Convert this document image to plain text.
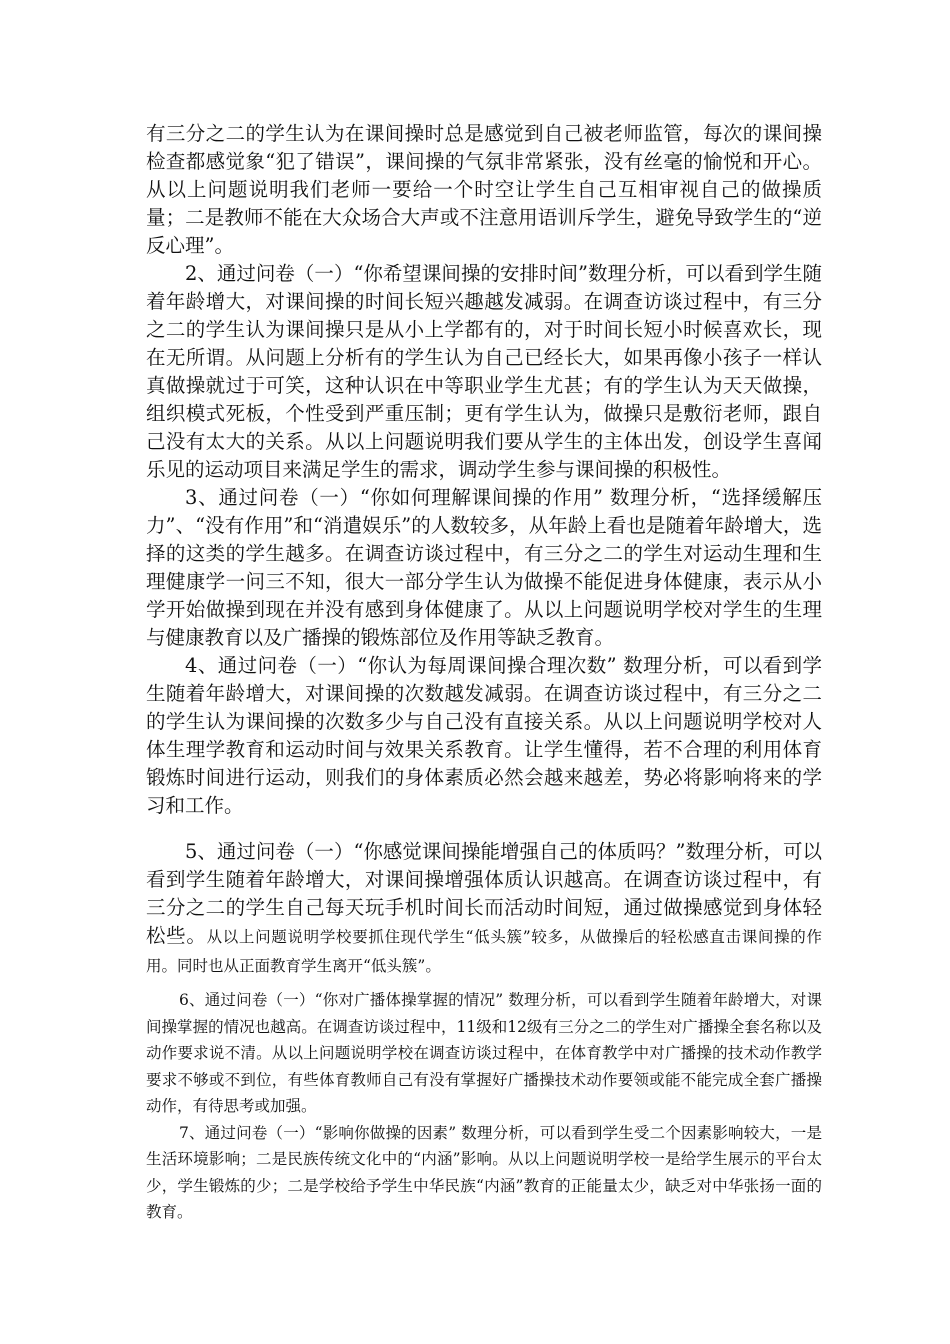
有三分之二的学生认为在课间操时总是感觉到自己被老师监管，每次的课间操检查都感觉象“犯了错误”，课间操的气氛非常紧张，没有丝毫的愉悦和开心。从以上问题说明我们老师一要给一个时空让学生自己互相审视自己的做操质量；二是教师不能在大众场合大声或不注意用语训斥学生，避免导致学生的“逆反心理”。

2、通过问卷（一）“你希望课间操的安排时间”数理分析，可以看到学生随着年龄增大，对课间操的时间长短兴趣越发减弱。在调查访谈过程中，有三分之二的学生认为课间操只是从小上学都有的，对于时间长短小时候喜欢长，现在无所谓。从问题上分析有的学生认为自己已经长大，如果再像小孩子一样认真做操就过于可笑，这种认识在中等职业学生尤甚；有的学生认为天天做操，组织模式死板，个性受到严重压制；更有学生认为，做操只是敷衍老师，跟自己没有太大的关系。从以上问题说明我们要从学生的主体出发，创设学生喜闻乐见的运动项目来满足学生的需求，调动学生参与课间操的积极性。

3、通过问卷（一）“你如何理解课间操的作用” 数理分析，“选择缓解压力”、“没有作用”和“消遣娱乐”的人数较多，从年龄上看也是随着年龄增大，选择的这类的学生越多。在调查访谈过程中，有三分之二的学生对运动生理和生理健康学一问三不知，很大一部分学生认为做操不能促进身体健康，表示从小学开始做操到现在并没有感到身体健康了。从以上问题说明学校对学生的生理与健康教育以及广播操的锻炼部位及作用等缺乏教育。

4、通过问卷（一）“你认为每周课间操合理次数” 数理分析，可以看到学生随着年龄增大，对课间操的次数越发减弱。在调查访谈过程中，有三分之二的学生认为课间操的次数多少与自己没有直接关系。从以上问题说明学校对人体生理学教育和运动时间与效果关系教育。让学生懂得，若不合理的利用体育锻炼时间进行运动，则我们的身体素质必然会越来越差，势必将影响将来的学习和工作。

5、通过问卷（一）“你感觉课间操能增强自己的体质吗？”数理分析，可以看到学生随着年龄增大，对课间操增强体质认识越高。在调查访谈过程中，有三分之二的学生自己每天玩手机时间长而活动时间短，通过做操感觉到身体轻松些。从以上问题说明学校要抓住现代学生“低头簇”较多，从做操后的轻松感直击课间操的作用。同时也从正面教育学生离开“低头簇”。

6、通过问卷（一）“你对广播体操掌握的情况” 数理分析，可以看到学生随着年龄增大，对课间操掌握的情况也越高。在调查访谈过程中，11级和12级有三分之二的学生对广播操全套名称以及动作要求说不清。从以上问题说明学校在调查访谈过程中，在体育教学中对广播操的技术动作教学要求不够或不到位，有些体育教师自己有没有掌握好广播操技术动作要领或能不能完成全套广播操动作，有待思考或加强。

7、通过问卷（一）“影响你做操的因素” 数理分析，可以看到学生受二个因素影响较大，一是生活环境影响；二是民族传统文化中的“内涵”影响。从以上问题说明学校一是给学生展示的平台太少，学生锻炼的少；二是学校给予学生中华民族“内涵”教育的正能量太少，缺乏对中华张扬一面的教育。
